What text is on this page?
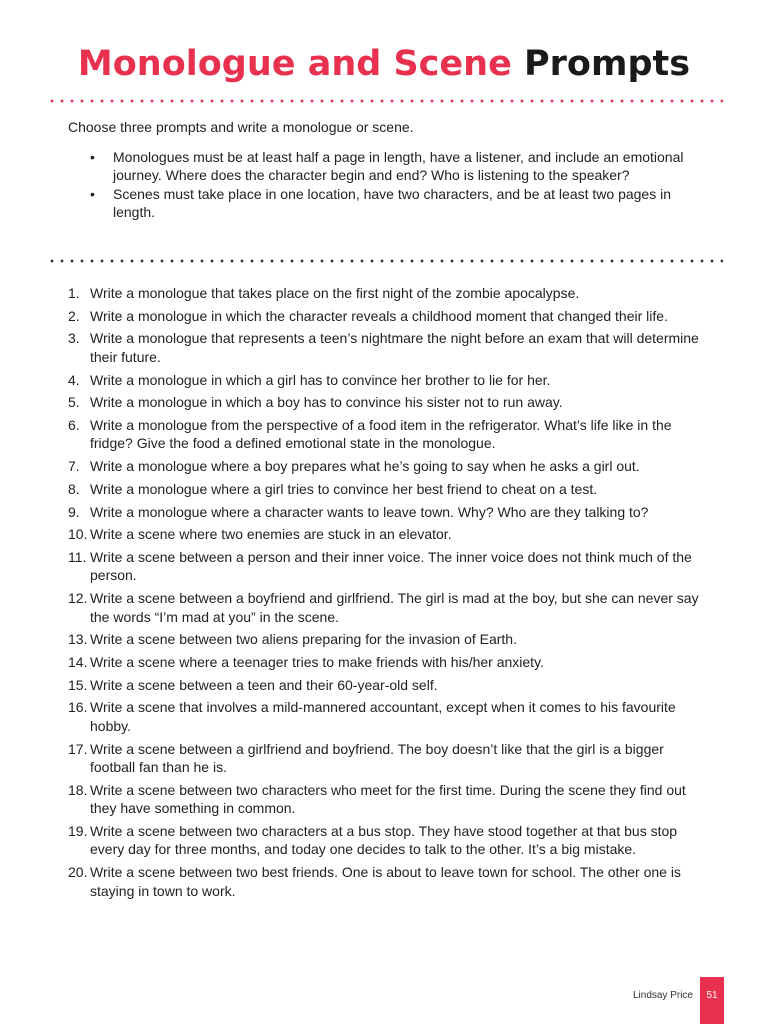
Monologue and Scene Prompts
Choose three prompts and write a monologue or scene.
• Monologues must be at least half a page in length, have a listener, and include an emotional journey. Where does the character begin and end? Who is listening to the speaker?
• Scenes must take place in one location, have two characters, and be at least two pages in length.
1. Write a monologue that takes place on the first night of the zombie apocalypse.
2. Write a monologue in which the character reveals a childhood moment that changed their life.
3. Write a monologue that represents a teen’s nightmare the night before an exam that will determine their future.
4. Write a monologue in which a girl has to convince her brother to lie for her.
5. Write a monologue in which a boy has to convince his sister not to run away.
6. Write a monologue from the perspective of a food item in the refrigerator. What’s life like in the fridge? Give the food a defined emotional state in the monologue.
7. Write a monologue where a boy prepares what he’s going to say when he asks a girl out.
8. Write a monologue where a girl tries to convince her best friend to cheat on a test.
9. Write a monologue where a character wants to leave town. Why? Who are they talking to?
10. Write a scene where two enemies are stuck in an elevator.
11. Write a scene between a person and their inner voice. The inner voice does not think much of the person.
12. Write a scene between a boyfriend and girlfriend. The girl is mad at the boy, but she can never say the words “I’m mad at you” in the scene.
13. Write a scene between two aliens preparing for the invasion of Earth.
14. Write a scene where a teenager tries to make friends with his/her anxiety.
15. Write a scene between a teen and their 60-year-old self.
16. Write a scene that involves a mild-mannered accountant, except when it comes to his favourite hobby.
17. Write a scene between a girlfriend and boyfriend. The boy doesn’t like that the girl is a bigger football fan than he is.
18. Write a scene between two characters who meet for the first time. During the scene they find out they have something in common.
19. Write a scene between two characters at a bus stop. They have stood together at that bus stop every day for three months, and today one decides to talk to the other. It’s a big mistake.
20. Write a scene between two best friends. One is about to leave town for school. The other one is staying in town to work.
Lindsay Price	51
